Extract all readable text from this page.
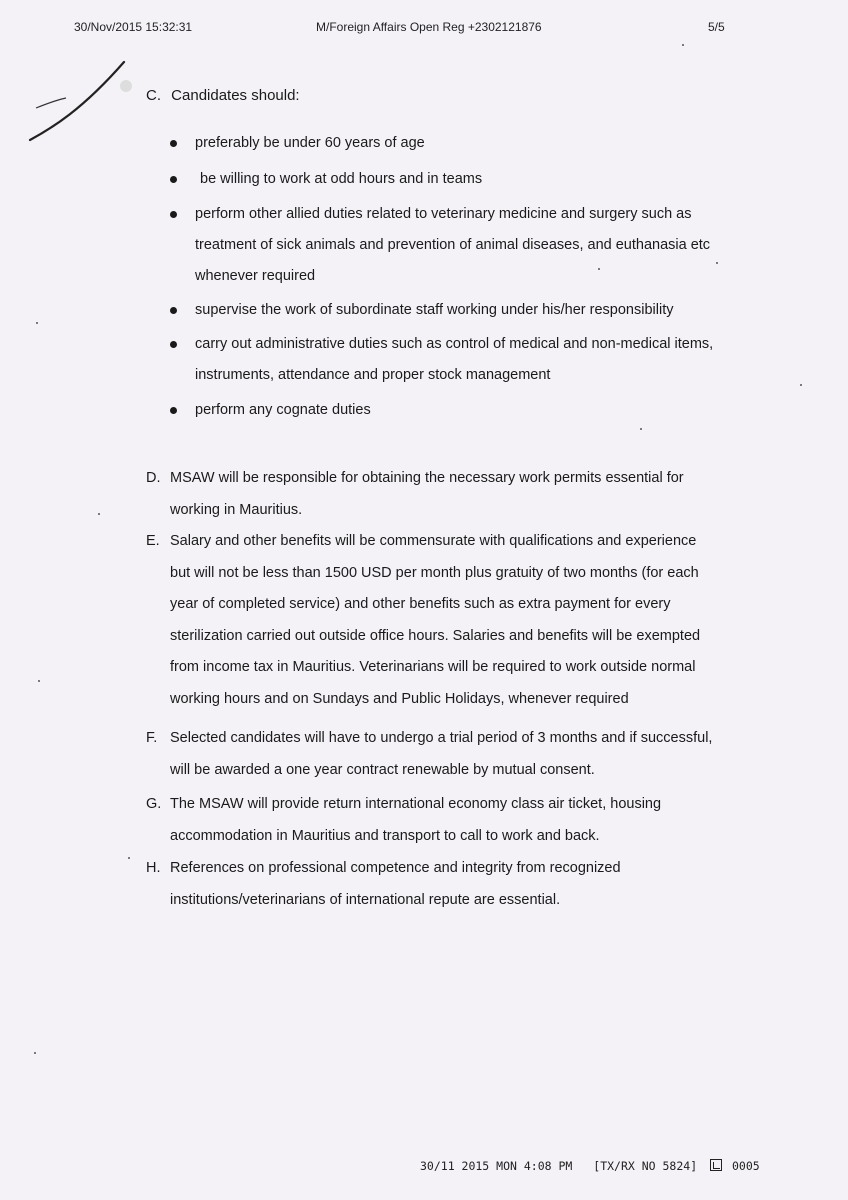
30/Nov/2015 15:32:31	M/Foreign Affairs Open Reg +2302121876	5/5
C. Candidates should:

preferably be under 60 years of age

be willing to work at odd hours and in teams

perform other allied duties related to veterinary medicine and surgery such as

treatment of sick animals and prevention of animal diseases, and euthanasia etc

whenever required

supervise the work of subordinate staff working under his/her responsibility

carry out administrative duties such as control of medical and non-medical items,

instruments, attendance and proper stock management

perform any cognate duties

D. MSAW will be responsible for obtaining the necessary work permits essential for

working in Mauritius.

E. Salary and other benefits will be commensurate with qualifications and experience

but will not be less than 1500 USD per month plus gratuity of two months (for each

year of completed service) and other benefits such as extra payment for every

sterilization carried out outside office hours. Salaries and benefits will be exempted

from income tax in Mauritius. Veterinarians will be required to work outside normal

working hours and on Sundays and Public Holidays, whenever required

F. Selected candidates will have to undergo a trial period of 3 months and if successful,

will be awarded a one year contract renewable by mutual consent.

G. The MSAW will provide return international economy class air ticket, housing

accommodation in Mauritius and transport to call to work and back.

H. References on professional competence and integrity from recognized

institutions/veterinarians of international repute are essential.

30/11 2015 MON 4:08 PM [TX/RX NO 5824]	0005
